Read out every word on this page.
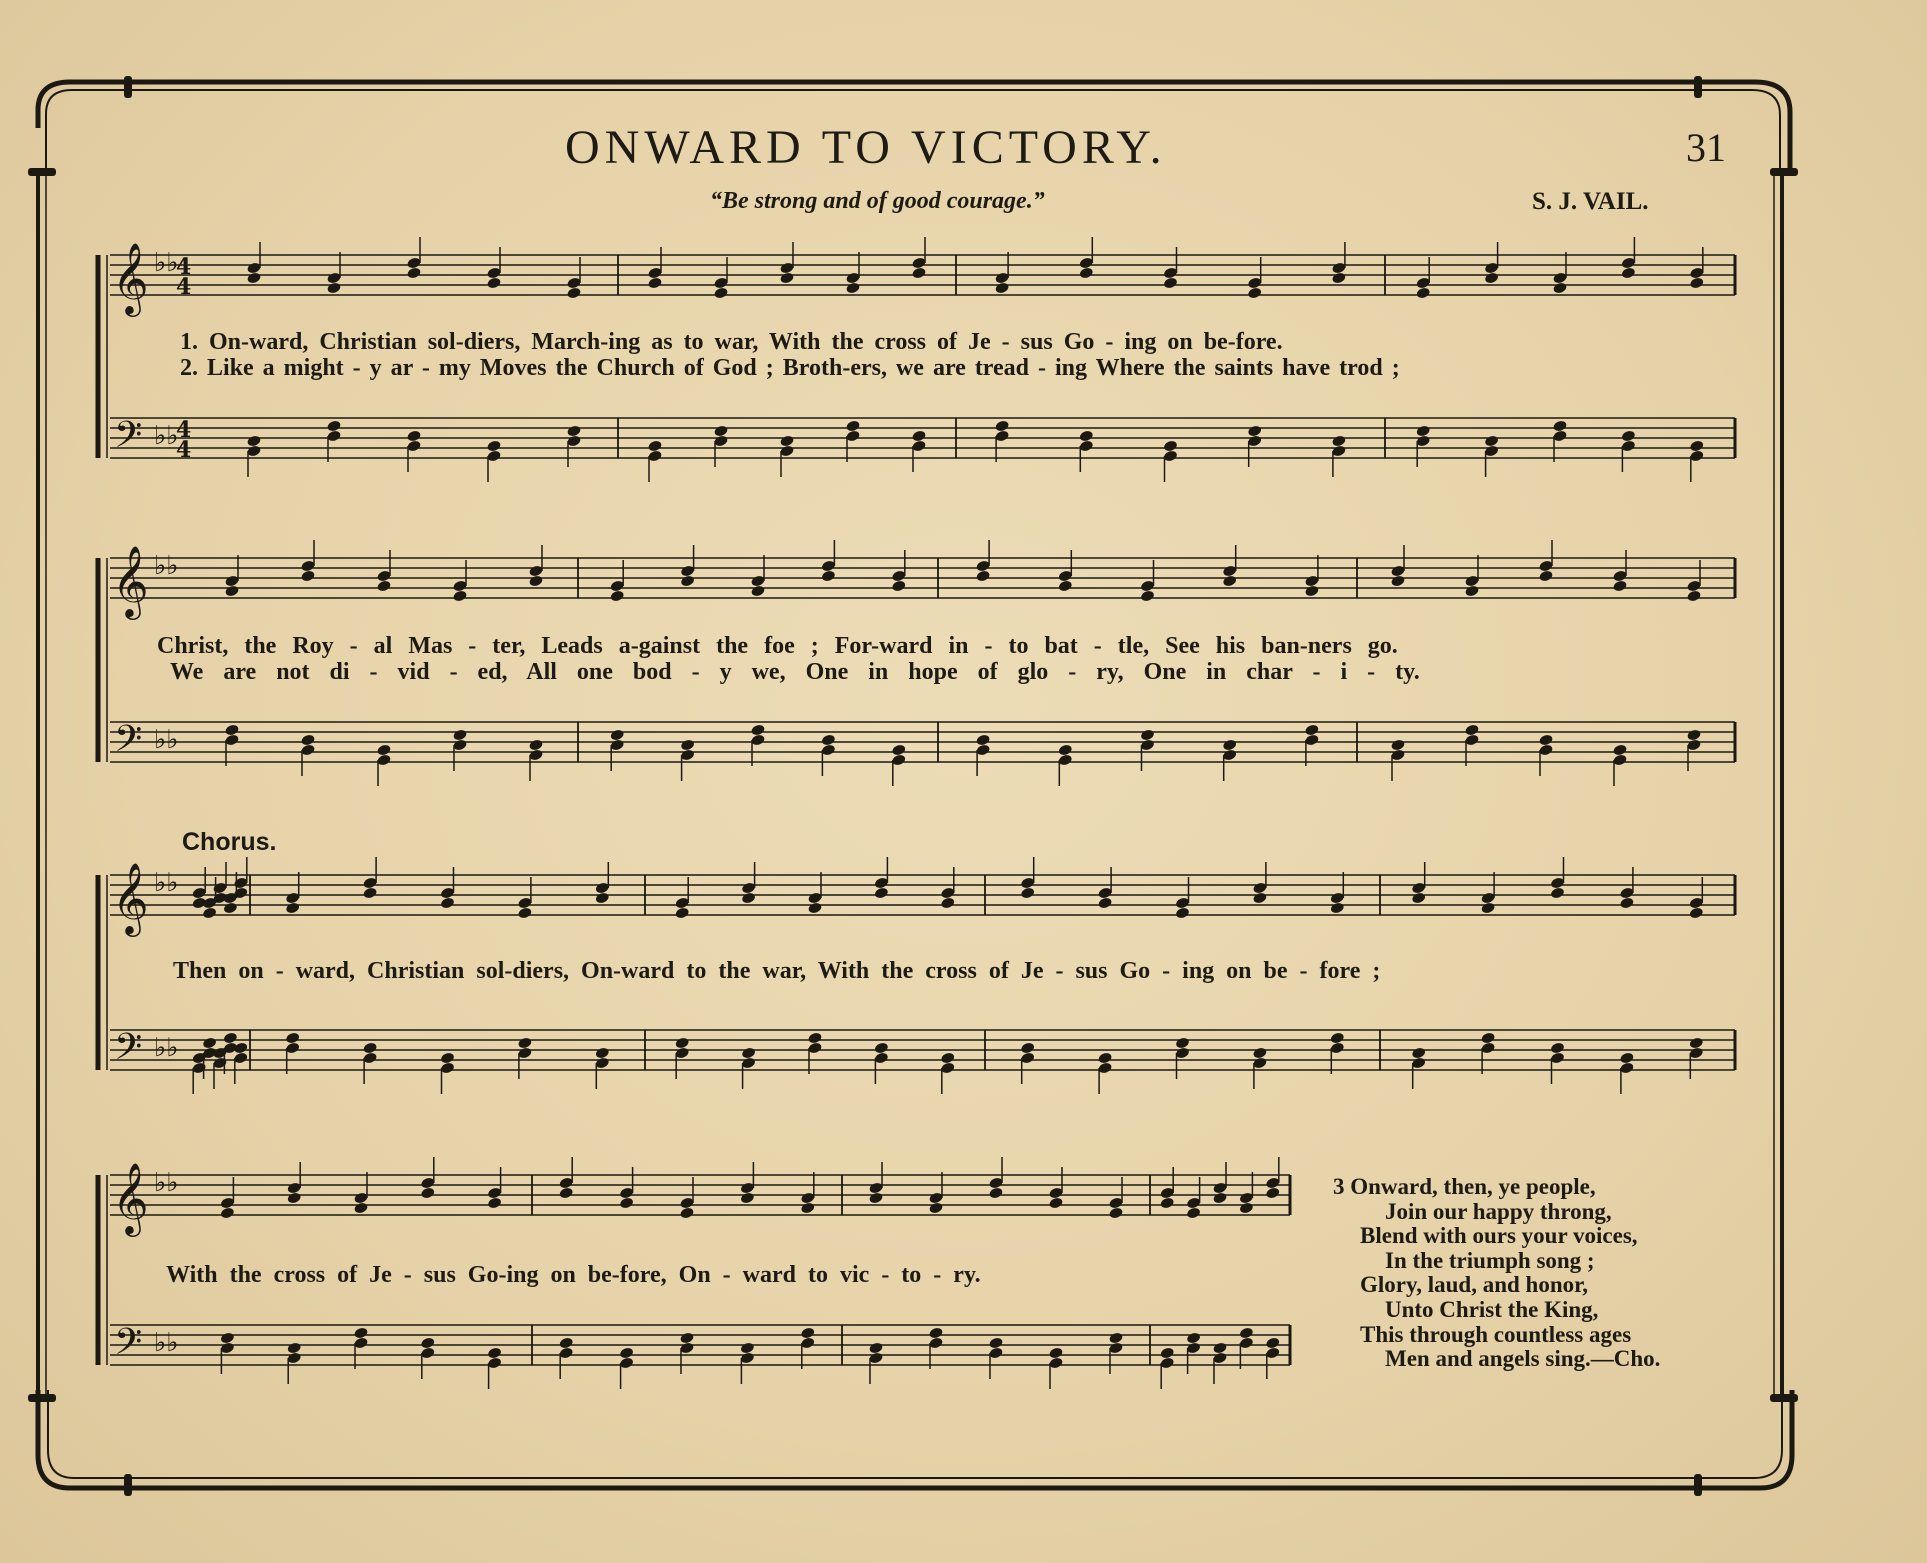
ONWARD TO VICTORY.	31
“Be strong and of good courage.”	S. J. VAIL.
𝄞
𝄢
♭♭
♭♭
4
4
4
4
𝄞
𝄢
♭♭
♭♭
𝄞
𝄢
♭♭
♭♭
𝄞
𝄢
♭♭
♭♭
1. On-ward, Christian sol-diers, March-ing as to war, With the cross of Je - sus Go - ing on be-fore.
2. Like a might - y ar - my Moves the Church of God ; Broth-ers, we are tread - ing Where the saints have trod ;
Christ, the Roy - al Mas - ter, Leads a-gainst the foe ; For-ward in - to bat - tle, See his ban-ners go.
We are not di - vid - ed, All one bod - y we, One in hope of glo - ry, One in char - i - ty.
Chorus.
Then on - ward, Christian sol-diers, On-ward to the war, With the cross of Je - sus Go - ing on be - fore ;
With the cross of Je - sus Go-ing on be-fore, On - ward to vic - to - ry.
3 Onward, then, ye people,
Join our happy throng,
Blend with ours your voices,
In the triumph song ;
Glory, laud, and honor,
Unto Christ the King,
This through countless ages
Men and angels sing.—Cho.
